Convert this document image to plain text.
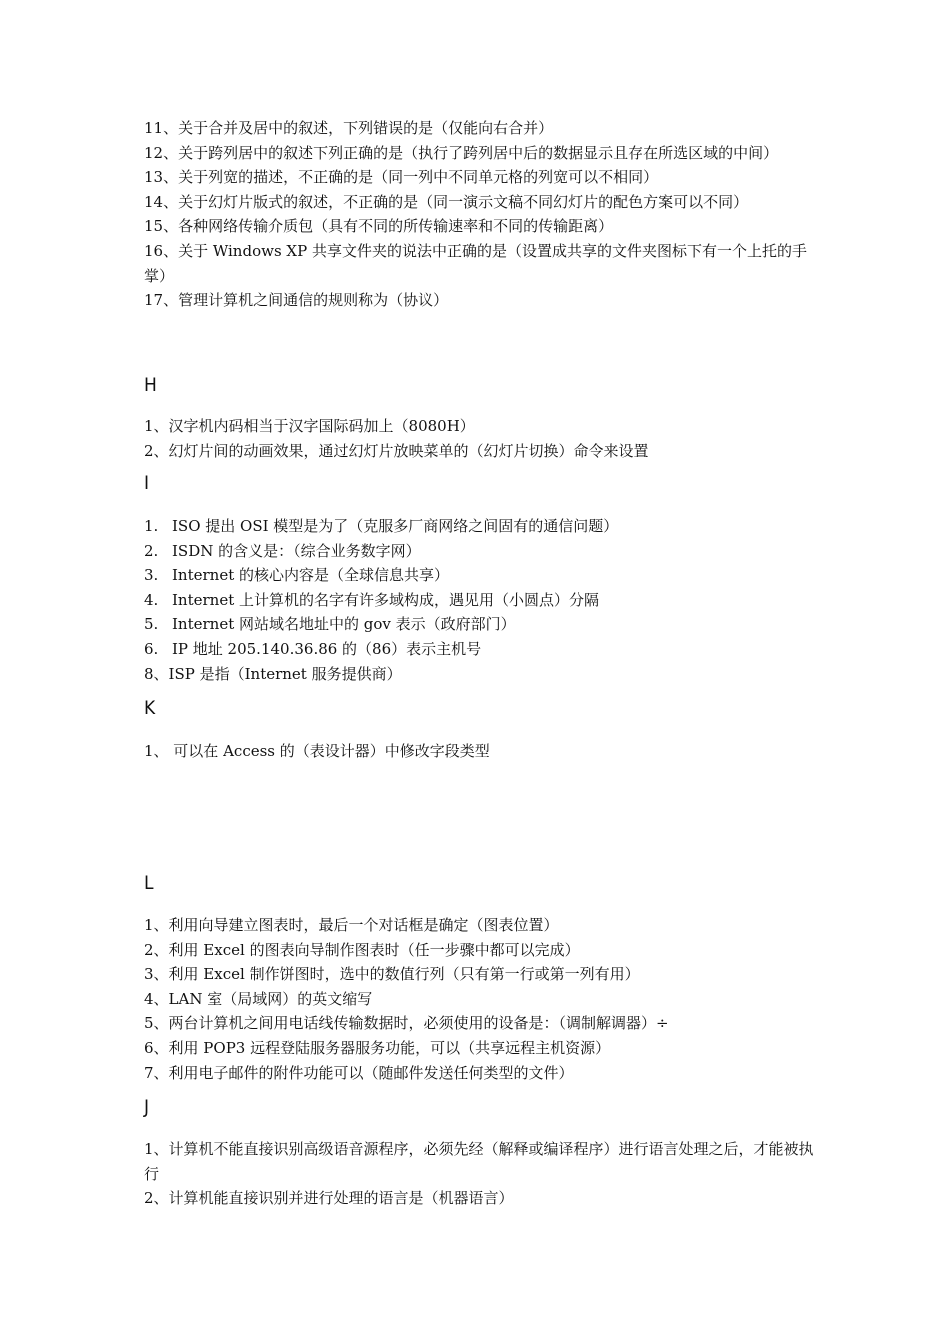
11、关于合并及居中的叙述，下列错误的是（仅能向右合并）

12、关于跨列居中的叙述下列正确的是（执行了跨列居中后的数据显示且存在所选区域的中间）

13、关于列宽的描述，不正确的是（同一列中不同单元格的列宽可以不相同）

14、关于幻灯片版式的叙述，不正确的是（同一演示文稿不同幻灯片的配色方案可以不同）

15、各种网络传输介质包（具有不同的所传输速率和不同的传输距离）

16、关于 Windows XP 共享文件夹的说法中正确的是（设置成共享的文件夹图标下有一个上托的手掌）

17、管理计算机之间通信的规则称为（协议）

H

1、汉字机内码相当于汉字国际码加上（8080H）

2、幻灯片间的动画效果，通过幻灯片放映菜单的（幻灯片切换）命令来设置

I

1. ISO 提出 OSI 模型是为了（克服多厂商网络之间固有的通信问题）

2. ISDN 的含义是：（综合业务数字网）

3. Internet 的核心内容是（全球信息共享）

4. Internet 上计算机的名字有许多域构成，遇见用（小圆点）分隔

5. Internet 网站域名地址中的 gov 表示（政府部门）

6. IP 地址 205.140.36.86 的（86）表示主机号

8、ISP 是指（Internet 服务提供商）

K

1、 可以在 Access 的（表设计器）中修改字段类型

L

1、利用向导建立图表时，最后一个对话框是确定（图表位置）

2、利用 Excel 的图表向导制作图表时（任一步骤中都可以完成）

3、利用 Excel 制作饼图时，选中的数值行列（只有第一行或第一列有用）

4、LAN 室（局域网）的英文缩写

5、两台计算机之间用电话线传输数据时，必须使用的设备是：（调制解调器）÷

6、利用 POP3 远程登陆服务器服务功能，可以（共享远程主机资源）

7、利用电子邮件的附件功能可以（随邮件发送任何类型的文件）

J

1、计算机不能直接识别高级语音源程序，必须先经（解释或编译程序）进行语言处理之后，才能被执行

2、计算机能直接识别并进行处理的语言是（机器语言）
